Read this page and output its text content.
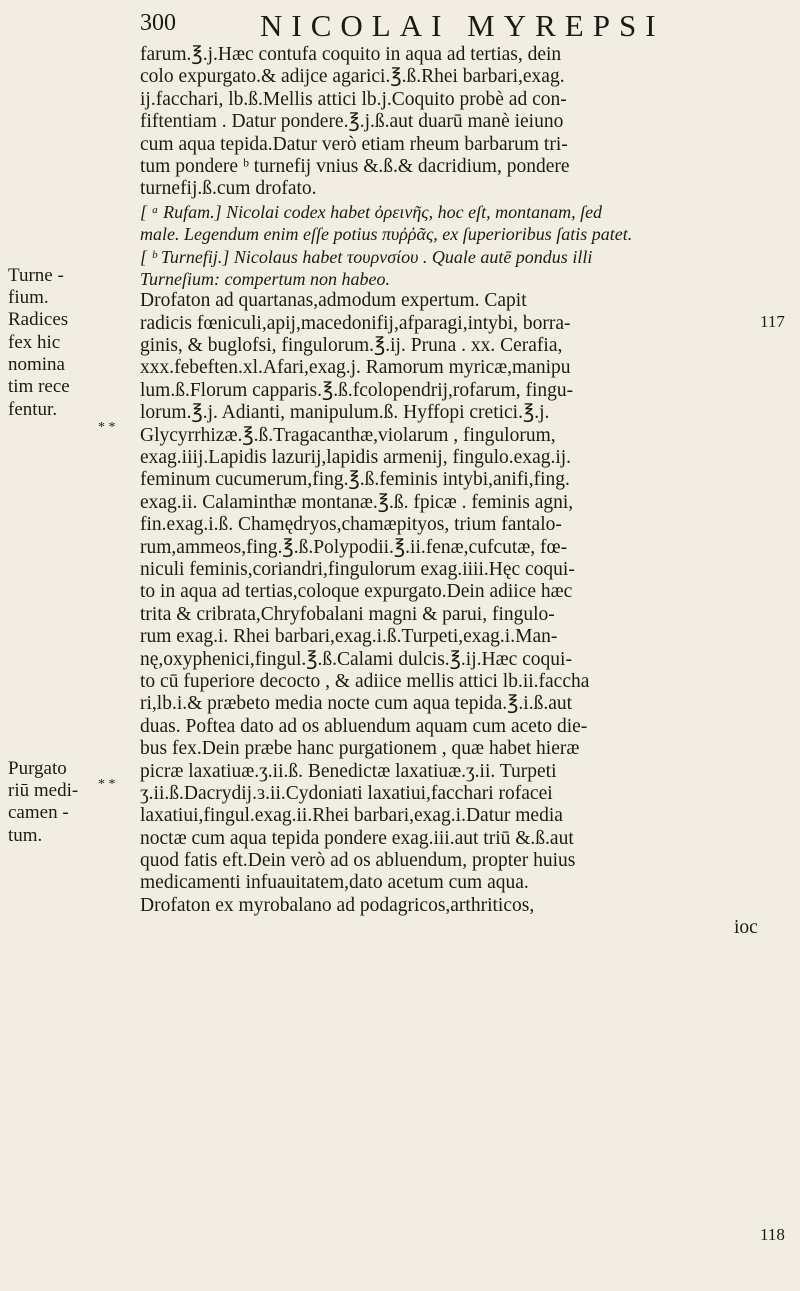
300	NICOLAI MYREPSI
farum.℥.j.Hæc contufa coquito in aqua ad tertias, dein
colo expurgato.& adijce agarici.℥.ß.Rhei barbari,exag.
ij.facchari, lb.ß.Mellis attici lb.j.Coquito probè ad con-
fiftentiam . Datur pondere.℥.j.ß.aut duarū manè ieiuno
cum aqua tepida.Datur verò etiam rheum barbarum tri-
tum pondere ᵇ turnefij vnius &.ß.& dacridium, pondere
turnefij.ß.cum drofato.
[ ᵃ Rufam.] Nicolai codex habet ὀρεινῆς, hoc eſt, montanam, ſed
male. Legendum enim eſſe potius πυῤῥᾶς, ex ſuperioribus ſatis patet.
[ ᵇ Turnefij.] Nicolaus habet τουρνσίου . Quale autē pondus illi
Turneſium: compertum non habeo.
Drofaton ad quartanas,admodum expertum. Capit
radicis fœniculi,apij,macedonifij,afparagi,intybi, borra-
ginis, & buglofsi, fingulorum.℥.ij. Pruna . xx. Cerafia,
xxx.febeften.xl.Afari,exag.j. Ramorum myricæ,manipu
lum.ß.Florum capparis.℥.ß.fcolopendrij,rofarum, fingu-
lorum.℥.j. Adianti, manipulum.ß. Hyffopi cretici.℥.j.
Glycyrrhizæ.℥.ß.Tragacanthæ,violarum , fingulorum,
exag.iiij.Lapidis lazurij,lapidis armenij, fingulo.exag.ij.
feminum cucumerum,fing.℥.ß.feminis intybi,anifi,fing.
exag.ii. Calaminthæ montanæ.℥.ß. fpicæ . feminis agni,
fin.exag.i.ß. Chamędryos,chamæpityos, trium fantalo-
rum,ammeos,fing.℥.ß.Polypodii.℥.ii.fenæ,cufcutæ, fœ-
niculi feminis,coriandri,fingulorum exag.iiii.Hęc coqui-
to in aqua ad tertias,coloque expurgato.Dein adiice hæc
trita & cribrata,Chryfobalani magni & parui, fingulo-
rum exag.i. Rhei barbari,exag.i.ß.Turpeti,exag.i.Man-
nę,oxyphenici,fingul.℥.ß.Calami dulcis.℥.ij.Hæc coqui-
to cū fuperiore decocto , & adiice mellis attici lb.ii.faccha
ri,lb.i.& præbeto media nocte cum aqua tepida.℥.i.ß.aut
duas. Poftea dato ad os abluendum aquam cum aceto die-
bus fex.Dein præbe hanc purgationem , quæ habet hieræ
picræ laxatiuæ.ʒ.ii.ß. Benedictæ laxatiuæ.ʒ.ii. Turpeti
ʒ.ii.ß.Dacrydij.ɜ.ii.Cydoniati laxatiui,facchari rofacei
laxatiui,fingul.exag.ii.Rhei barbari,exag.i.Datur media
noctæ cum aqua tepida pondere exag.iii.aut triū &.ß.aut
quod fatis eft.Dein verò ad os abluendum, propter huius
medicamenti infuauitatem,dato acetum cum aqua.
Drofaton ex myrobalano ad podagricos,arthriticos,
ioc
Turne -
fium.
Radices
fex hic
nomina
tim rece
fentur.
Purgato
riū medi-
camen -
tum.
117
118
* *
* *
